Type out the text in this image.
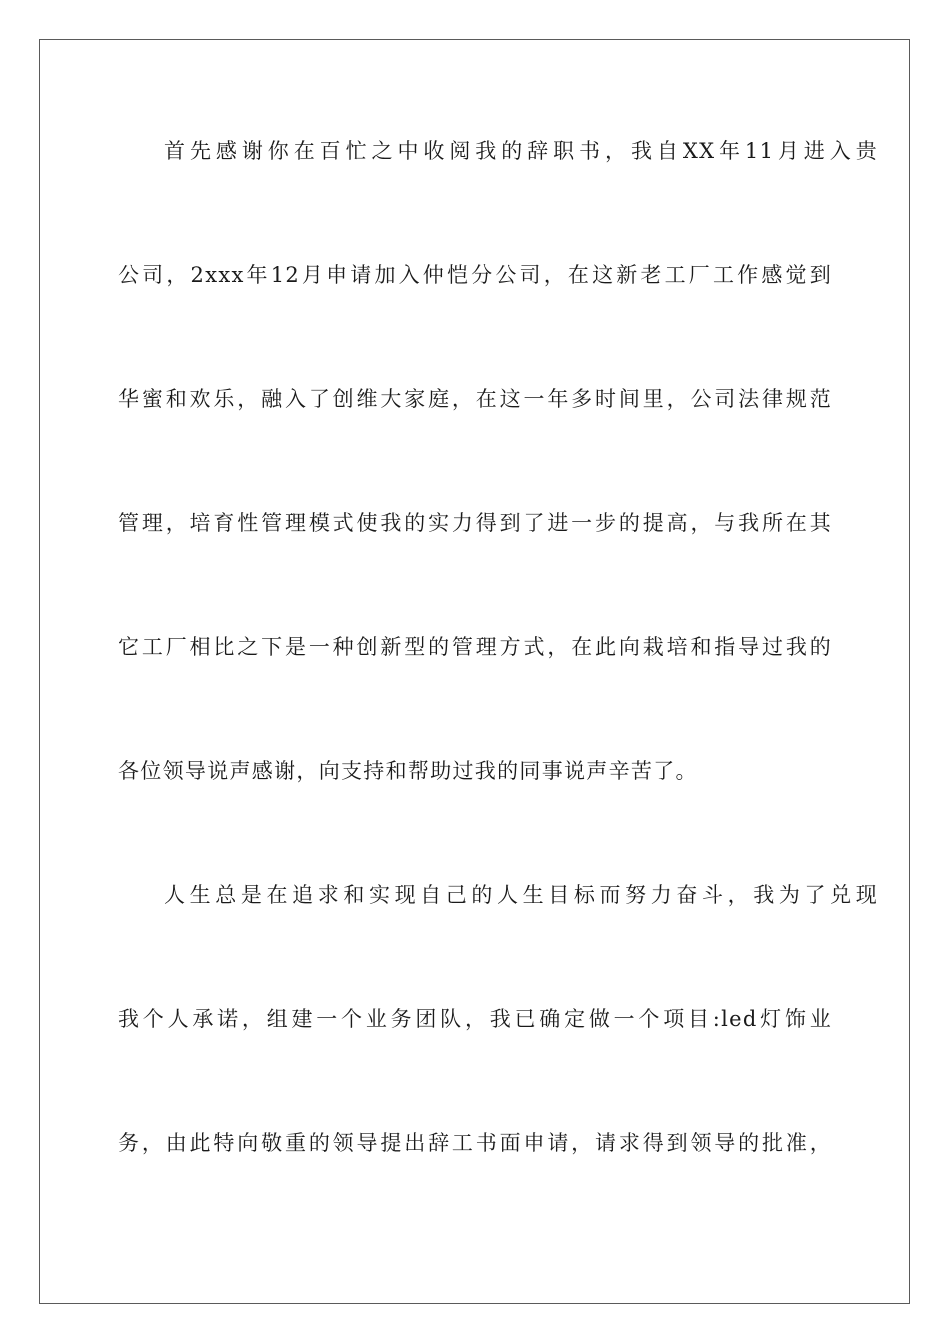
首先感谢你在百忙之中收阅我的辞职书，我自XX年11月进入贵
公司，2xxx年12月申请加入仲恺分公司，在这新老工厂工作感觉到
华蜜和欢乐，融入了创维大家庭，在这一年多时间里，公司法律规范
管理，培育性管理模式使我的实力得到了进一步的提高，与我所在其
它工厂相比之下是一种创新型的管理方式，在此向栽培和指导过我的
各位领导说声感谢，向支持和帮助过我的同事说声辛苦了。
人生总是在追求和实现自己的人生目标而努力奋斗，我为了兑现
我个人承诺，组建一个业务团队，我已确定做一个项目:led灯饰业
务，由此特向敬重的领导提出辞工书面申请，请求得到领导的批准，
